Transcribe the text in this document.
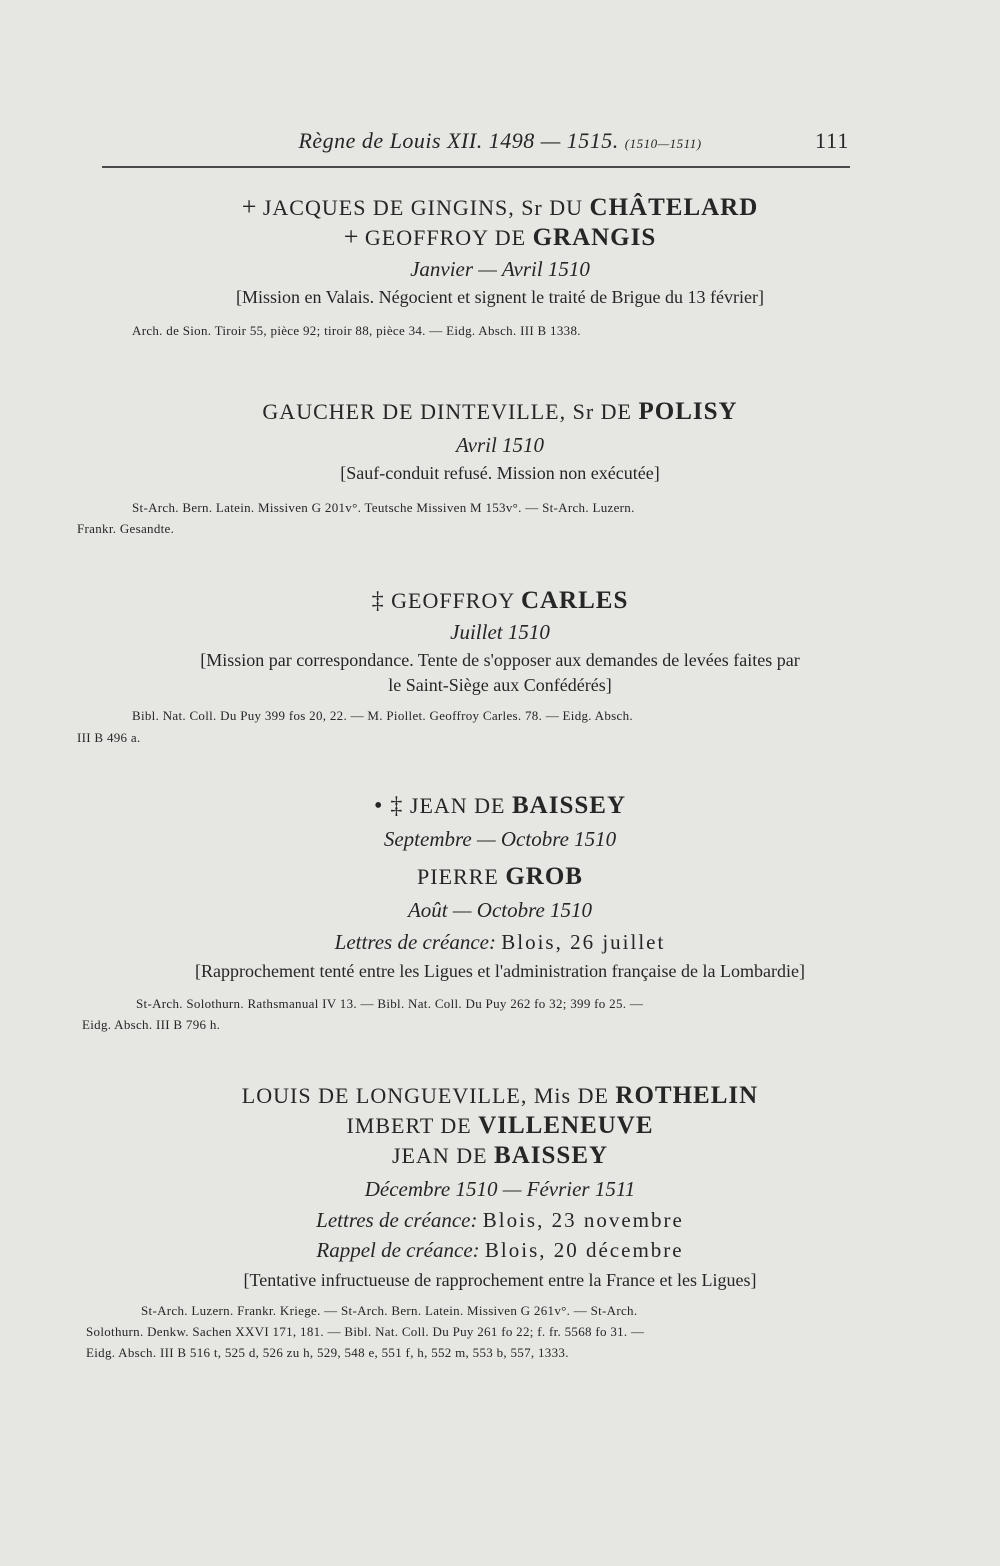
Règne de Louis XII. 1498 — 1515. (1510—1511)	111
+ JACQUES DE GINGINS, Sr DU CHÂTELARD
+ GEOFFROY DE GRANGIS
Janvier — Avril 1510
[Mission en Valais. Négocient et signent le traité de Brigue du 13 février]
Arch. de Sion. Tiroir 55, pièce 92; tiroir 88, pièce 34. — Eidg. Absch. III B 1338.
GAUCHER DE DINTEVILLE, Sr DE POLISY
Avril 1510
[Sauf-conduit refusé. Mission non exécutée]
St-Arch. Bern. Latein. Missiven G 201v°. Teutsche Missiven M 153v°. — St-Arch. Luzern.
Frankr. Gesandte.
‡ GEOFFROY CARLES
Juillet 1510
[Mission par correspondance. Tente de s'opposer aux demandes de levées faites par
le Saint-Siège aux Confédérés]
Bibl. Nat. Coll. Du Puy 399 fos 20, 22. — M. Piollet. Geoffroy Carles. 78. — Eidg. Absch.
III B 496 a.
• ‡ JEAN DE BAISSEY
Septembre — Octobre 1510
PIERRE GROB
Août — Octobre 1510
Lettres de créance: Blois, 26 juillet
[Rapprochement tenté entre les Ligues et l'administration française de la Lombardie]
St-Arch. Solothurn. Rathsmanual IV 13. — Bibl. Nat. Coll. Du Puy 262 fo 32; 399 fo 25. —
Eidg. Absch. III B 796 h.
LOUIS DE LONGUEVILLE, Mis DE ROTHELIN
IMBERT DE VILLENEUVE
JEAN DE BAISSEY
Décembre 1510 — Février 1511
Lettres de créance: Blois, 23 novembre
Rappel de créance: Blois, 20 décembre
[Tentative infructueuse de rapprochement entre la France et les Ligues]
St-Arch. Luzern. Frankr. Kriege. — St-Arch. Bern. Latein. Missiven G 261v°. — St-Arch.
Solothurn. Denkw. Sachen XXVI 171, 181. — Bibl. Nat. Coll. Du Puy 261 fo 22; f. fr. 5568 fo 31. —
Eidg. Absch. III B 516 t, 525 d, 526 zu h, 529, 548 e, 551 f, h, 552 m, 553 b, 557, 1333.
